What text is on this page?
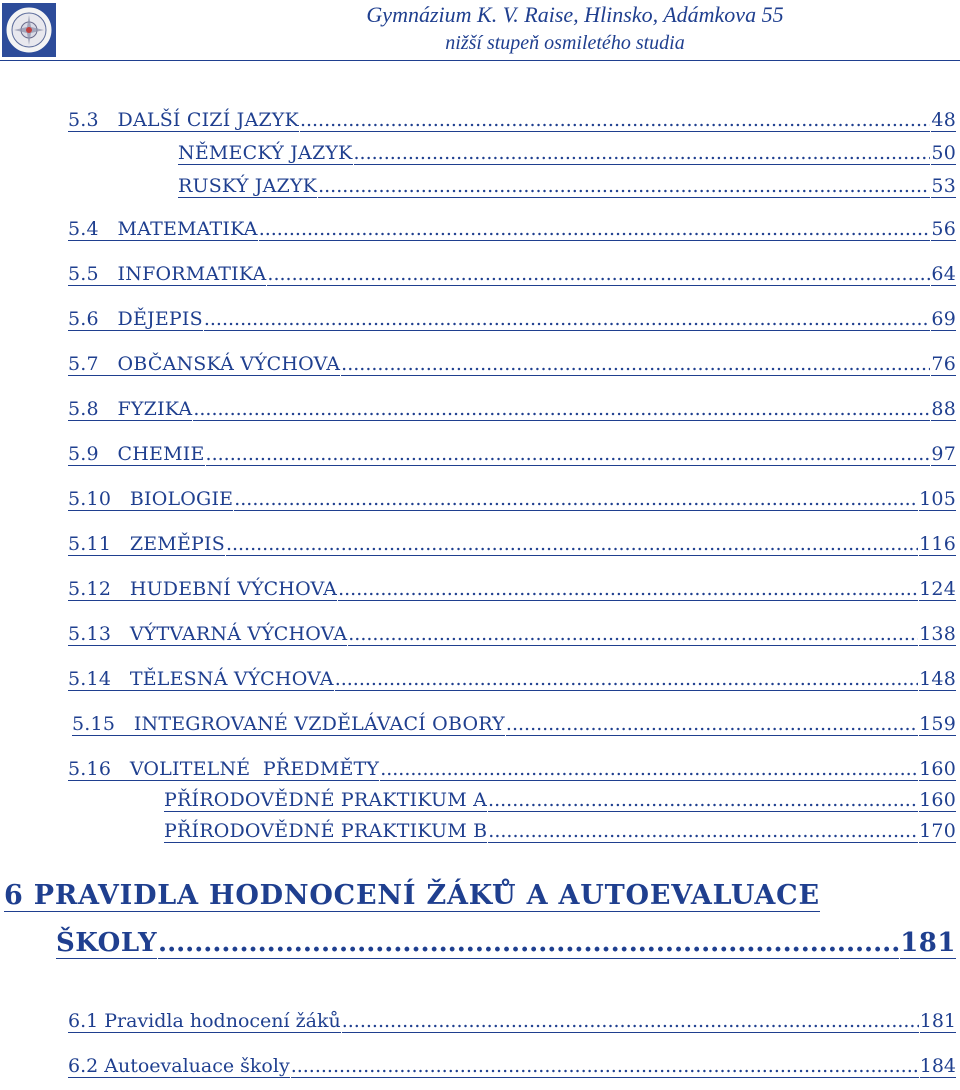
Gymnázium K. V. Raise, Hlinsko, Adámkova 55
nižší stupeň osmiletého studia
5.3   DALŠÍ CIZÍ JAZYK .....	48
NĚMECKÝ JAZYK .....	50
RUSKÝ JAZYK .....	53
5.4   MATEMATIKA .....	56
5.5   INFORMATIKA .....	64
5.6   DĚJEPIS .....	69
5.7   OBČANSKÁ VÝCHOVA .....	76
5.8   FYZIKA .....	88
5.9   CHEMIE .....	97
5.10   BIOLOGIE .....	105
5.11   ZEMĚPIS .....	116
5.12   HUDEBNÍ VÝCHOVA .....	124
5.13   VÝTVARNÁ VÝCHOVA .....	138
5.14   TĚLESNÁ VÝCHOVA .....	148
5.15   INTEGROVANÉ VZDĚLÁVACÍ OBORY .....	159
5.16   VOLITELNÉ  PŘEDMĚTY .....	160
PŘÍRODOVĚDNÉ PRAKTIKUM A .....	160
PŘÍRODOVĚDNÉ PRAKTIKUM B .....	170
6 PRAVIDLA HODNOCENÍ ŽÁKŮ A AUTOEVALUACE
ŠKOLY .....	181
6.1 Pravidla hodnocení žáků .....	181
6.2 Autoevaluace školy .....	184
